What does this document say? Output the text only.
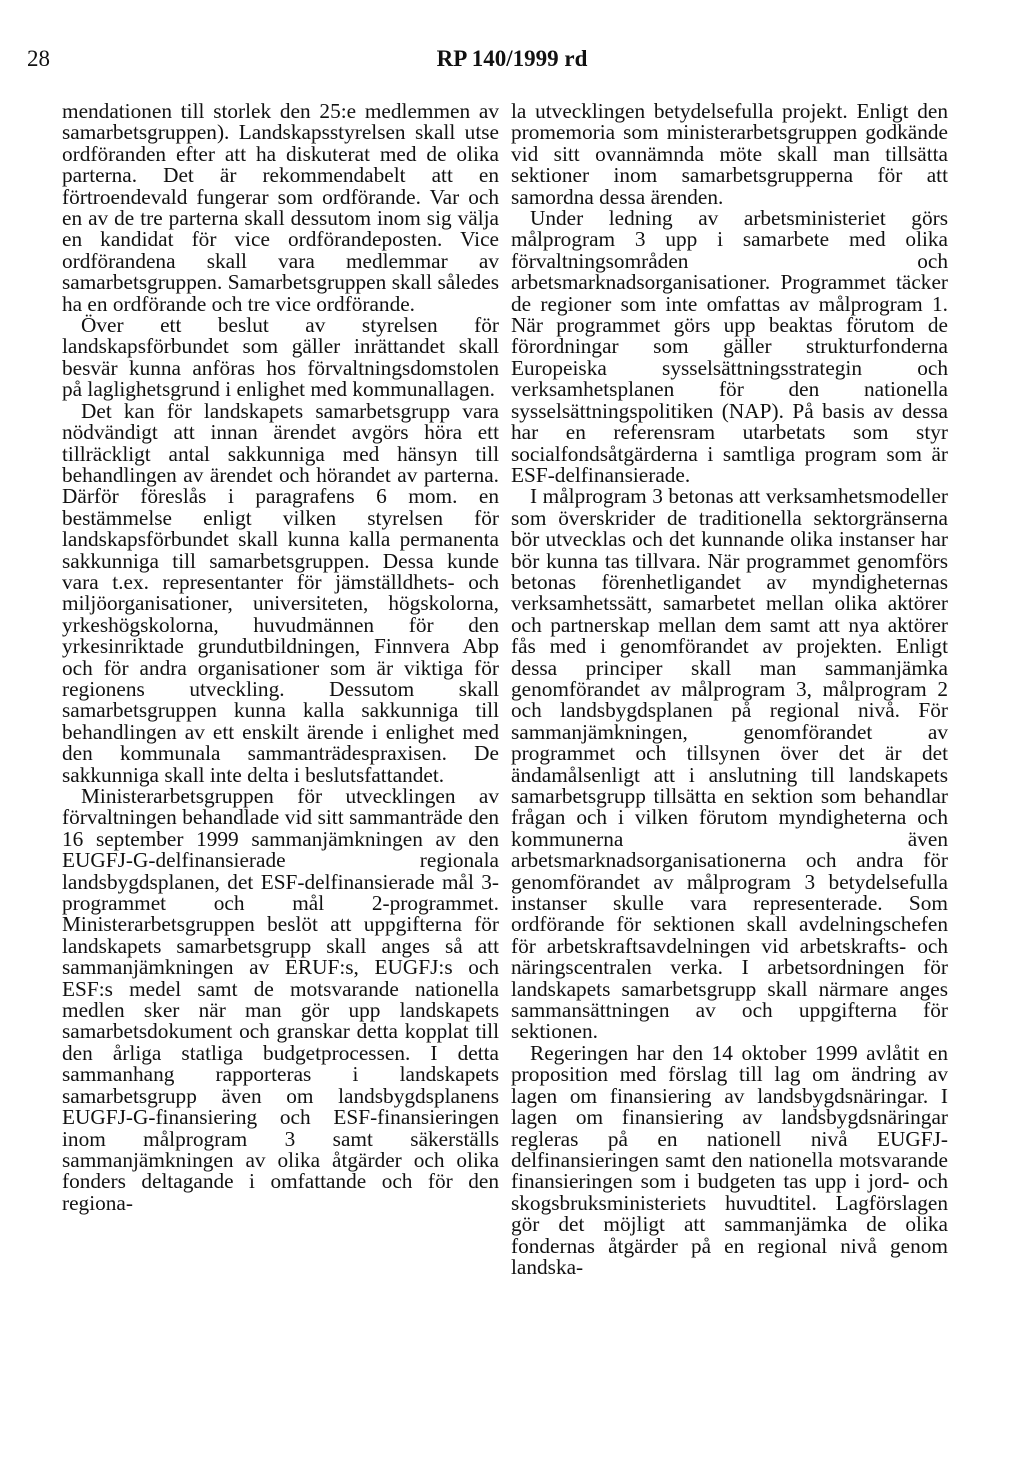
28	RP 140/1999 rd

mendationen till storlek den 25:e medlemmen av samarbetsgruppen). Landskapsstyrelsen skall utse ordföranden efter att ha diskuterat med de olika parterna. Det är rekommendabelt att en förtroendevald fungerar som ordförande. Var och en av de tre parterna skall dessutom inom sig välja en kandidat för vice ordförandeposten. Vice ordförandena skall vara medlemmar av samarbetsgruppen. Samarbetsgruppen skall således ha en ordförande och tre vice ordförande.

Över ett beslut av styrelsen för landskapsförbundet som gäller inrättandet skall besvär kunna anföras hos förvaltningsdomstolen på laglighetsgrund i enlighet med kommunallagen.

Det kan för landskapets samarbetsgrupp vara nödvändigt att innan ärendet avgörs höra ett tillräckligt antal sakkunniga med hänsyn till behandlingen av ärendet och hörandet av parterna. Därför föreslås i paragrafens 6 mom. en bestämmelse enligt vilken styrelsen för landskapsförbundet skall kunna kalla permanenta sakkunniga till samarbetsgruppen. Dessa kunde vara t.ex. representanter för jämställdhets- och miljöorganisationer, universiteten, högskolorna, yrkeshögskolorna, huvudmännen för den yrkesinriktade grundutbildningen, Finnvera Abp och för andra organisationer som är viktiga för regionens utveckling. Dessutom skall samarbetsgruppen kunna kalla sakkunniga till behandlingen av ett enskilt ärende i enlighet med den kommunala sammanträdespraxisen. De sakkunniga skall inte delta i beslutsfattandet.

Ministerarbetsgruppen för utvecklingen av förvaltningen behandlade vid sitt sammanträde den 16 september 1999 sammanjämkningen av den EUGFJ-G-delfinansierade regionala landsbygdsplanen, det ESF-delfinansierade mål 3-programmet och mål 2-programmet. Ministerarbetsgruppen beslöt att uppgifterna för landskapets samarbetsgrupp skall anges så att sammanjämkningen av ERUF:s, EUGFJ:s och ESF:s medel samt de motsvarande nationella medlen sker när man gör upp landskapets samarbetsdokument och granskar detta kopplat till den årliga statliga budgetprocessen. I detta sammanhang rapporteras i landskapets samarbetsgrupp även om landsbygdsplanens EUGFJ-G-finansiering och ESF-finansieringen inom målprogram 3 samt säkerställs sammanjämkningen av olika åtgärder och olika fonders deltagande i omfattande och för den regiona-

la utvecklingen betydelsefulla projekt. Enligt den promemoria som ministerarbetsgruppen godkände vid sitt ovannämnda möte skall man tillsätta sektioner inom samarbetsgrupperna för att samordna dessa ärenden.

Under ledning av arbetsministeriet görs målprogram 3 upp i samarbete med olika förvaltningsområden och arbetsmarknadsorganisationer. Programmet täcker de regioner som inte omfattas av målprogram 1. När programmet görs upp beaktas förutom de förordningar som gäller strukturfonderna Europeiska sysselsättningsstrategin och verksamhetsplanen för den nationella sysselsättningspolitiken (NAP). På basis av dessa har en referensram utarbetats som styr socialfondsåtgärderna i samtliga program som är ESF-delfinansierade.

I målprogram 3 betonas att verksamhetsmodeller som överskrider de traditionella sektorgränserna bör utvecklas och det kunnande olika instanser har bör kunna tas tillvara. När programmet genomförs betonas förenhetligandet av myndigheternas verksamhetssätt, samarbetet mellan olika aktörer och partnerskap mellan dem samt att nya aktörer fås med i genomförandet av projekten. Enligt dessa principer skall man sammanjämka genomförandet av målprogram 3, målprogram 2 och landsbygdsplanen på regional nivå. För sammanjämkningen, genomförandet av programmet och tillsynen över det är det ändamålsenligt att i anslutning till landskapets samarbetsgrupp tillsätta en sektion som behandlar frågan och i vilken förutom myndigheterna och kommunerna även arbetsmarknadsorganisationerna och andra för genomförandet av målprogram 3 betydelsefulla instanser skulle vara representerade. Som ordförande för sektionen skall avdelningschefen för arbetskraftsavdelningen vid arbetskrafts- och näringscentralen verka. I arbetsordningen för landskapets samarbetsgrupp skall närmare anges sammansättningen av och uppgifterna för sektionen.

Regeringen har den 14 oktober 1999 avlåtit en proposition med förslag till lag om ändring av lagen om finansiering av landsbygdsnäringar. I lagen om finansiering av landsbygdsnäringar regleras på en nationell nivå EUGFJ-delfinansieringen samt den nationella motsvarande finansieringen som i budgeten tas upp i jord- och skogsbruksministeriets huvudtitel. Lagförslagen gör det möjligt att sammanjämka de olika fondernas åtgärder på en regional nivå genom landska-
